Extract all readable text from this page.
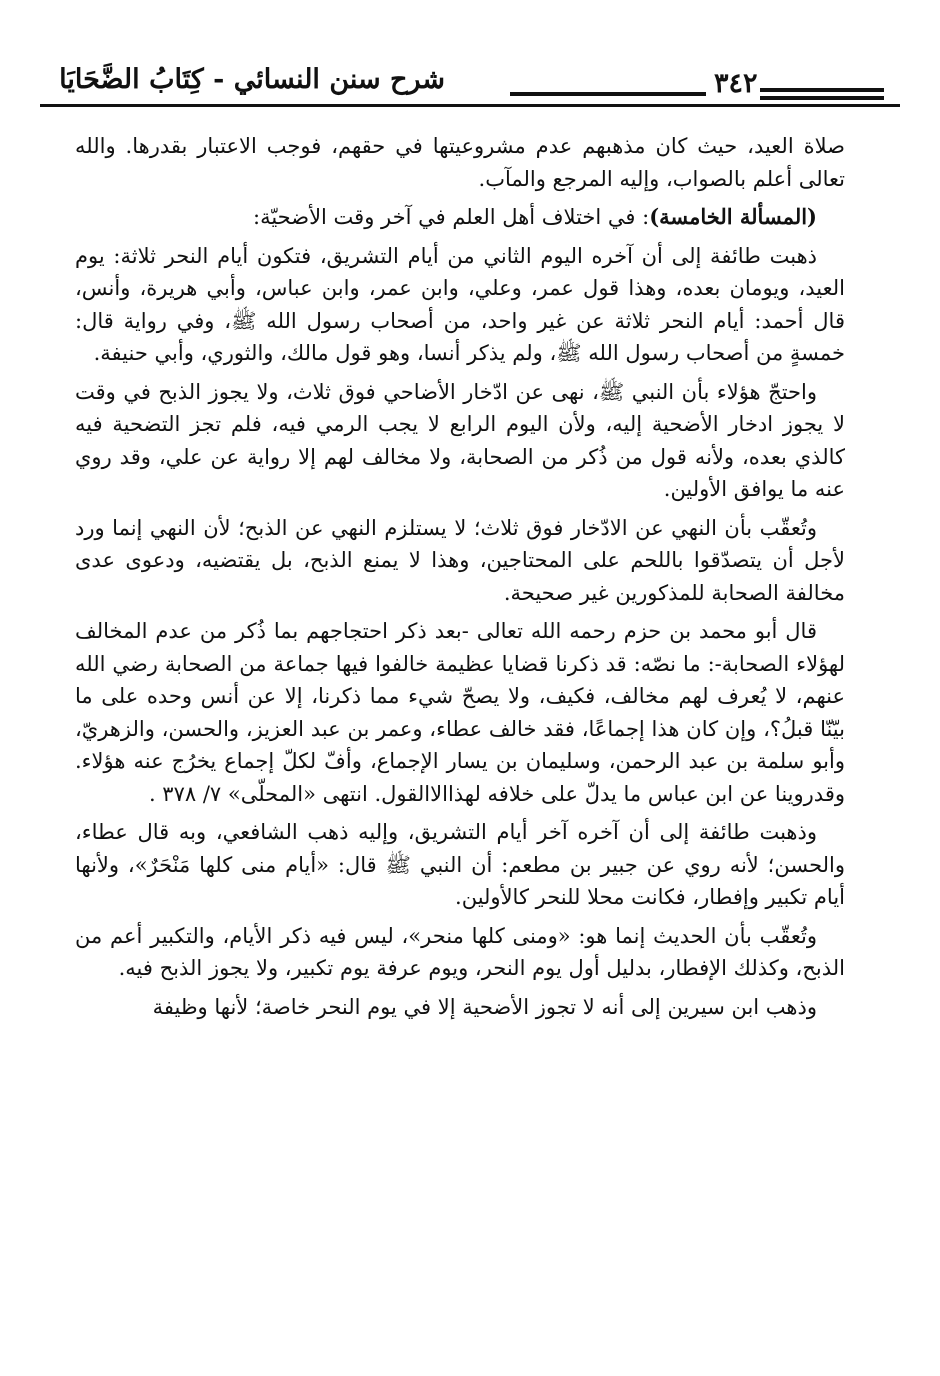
شرح سنن النسائي - كِتَابُ الضَّحَايَا	٣٤٢

صلاة العيد، حيث كان مذهبهم عدم مشروعيتها في حقهم، فوجب الاعتبار بقدرها. والله تعالى أعلم بالصواب، وإليه المرجع والمآب.

(المسألة الخامسة): في اختلاف أهل العلم في آخر وقت الأضحيّة:

ذهبت طائفة إلى أن آخره اليوم الثاني من أيام التشريق، فتكون أيام النحر ثلاثة: يوم العيد، ويومان بعده، وهذا قول عمر، وعلي، وابن عمر، وابن عباس، وأبي هريرة، وأنس، قال أحمد: أيام النحر ثلاثة عن غير واحد، من أصحاب رسول الله ﷺ، وفي رواية قال: خمسةٍ من أصحاب رسول الله ﷺ، ولم يذكر أنسا، وهو قول مالك، والثوري، وأبي حنيفة.

واحتجّ هؤلاء بأن النبي ﷺ، نهى عن ادّخار الأضاحي فوق ثلاث، ولا يجوز الذبح في وقت لا يجوز ادخار الأضحية إليه، ولأن اليوم الرابع لا يجب الرمي فيه، فلم تجز التضحية فيه كالذي بعده، ولأنه قول من ذُكر من الصحابة، ولا مخالف لهم إلا رواية عن علي، وقد روي عنه ما يوافق الأولين.

وتُعقّب بأن النهي عن الادّخار فوق ثلاث؛ لا يستلزم النهي عن الذبح؛ لأن النهي إنما ورد لأجل أن يتصدّقوا باللحم على المحتاجين، وهذا لا يمنع الذبح، بل يقتضيه، ودعوى عدى مخالفة الصحابة للمذكورين غير صحيحة.

قال أبو محمد بن حزم رحمه الله تعالى -بعد ذكر احتجاجهم بما ذُكر من عدم المخالف لهؤلاء الصحابة-: ما نصّه: قد ذكرنا قضايا عظيمة خالفوا فيها جماعة من الصحابة رضي الله عنهم، لا يُعرف لهم مخالف، فكيف، ولا يصحّ شيء مما ذكرنا، إلا عن أنس وحده على ما بيّنّا قبلُ؟، وإن كان هذا إجماعًا، فقد خالف عطاء، وعمر بن عبد العزيز، والحسن، والزهريّ، وأبو سلمة بن عبد الرحمن، وسليمان بن يسار الإجماع، وأفّ لكلّ إجماع يخرُج عنه هؤلاء. وقدروينا عن ابن عباس ما يدلّ على خلافه لهذاالاالقول. انتهى «المحلّى» ٧/ ٣٧٨ .

وذهبت طائفة إلى أن آخره آخر أيام التشريق، وإليه ذهب الشافعي، وبه قال عطاء، والحسن؛ لأنه روي عن جبير بن مطعم: أن النبي ﷺ قال: «أيام منى كلها مَنْحَرٌ»، ولأنها أيام تكبير وإفطار، فكانت محلا للنحر كالأولين.

وتُعقّب بأن الحديث إنما هو: «ومنى كلها منحر»، ليس فيه ذكر الأيام، والتكبير أعم من الذبح، وكذلك الإفطار، بدليل أول يوم النحر، ويوم عرفة يوم تكبير، ولا يجوز الذبح فيه.

وذهب ابن سيرين إلى أنه لا تجوز الأضحية إلا في يوم النحر خاصة؛ لأنها وظيفة
